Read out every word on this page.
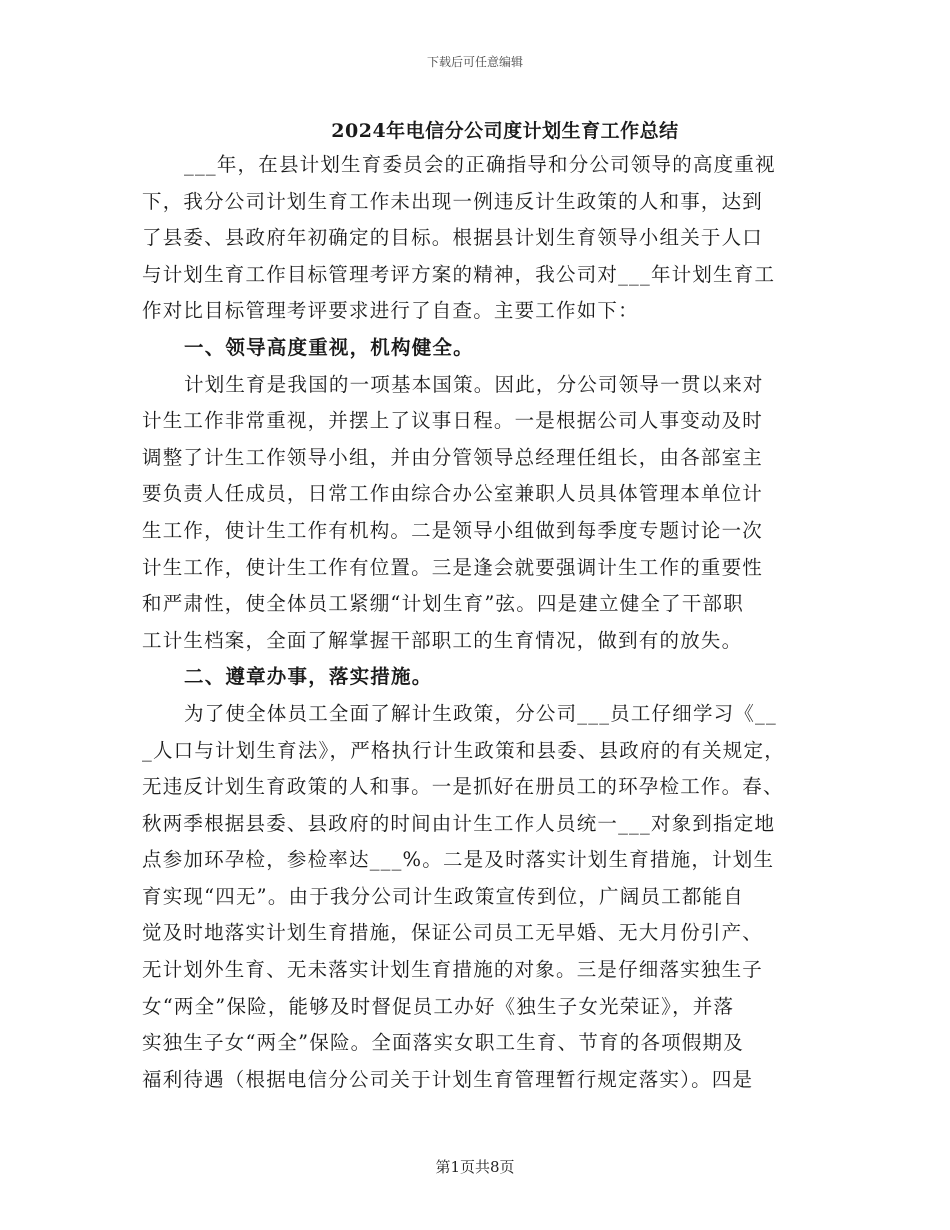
下载后可任意编辑
2024年电信分公司度计划生育工作总结
___年，在县计划生育委员会的正确指导和分公司领导的高度重视
下，我分公司计划生育工作未出现一例违反计生政策的人和事，达到
了县委、县政府年初确定的目标。根据县计划生育领导小组关于人口
与计划生育工作目标管理考评方案的精神，我公司对___年计划生育工
作对比目标管理考评要求进行了自查。主要工作如下：
一、领导高度重视，机构健全。
计划生育是我国的一项基本国策。因此，分公司领导一贯以来对
计生工作非常重视，并摆上了议事日程。一是根据公司人事变动及时
调整了计生工作领导小组，并由分管领导总经理任组长，由各部室主
要负责人任成员，日常工作由综合办公室兼职人员具体管理本单位计
生工作，使计生工作有机构。二是领导小组做到每季度专题讨论一次
计生工作，使计生工作有位置。三是逢会就要强调计生工作的重要性
和严肃性，使全体员工紧绷“计划生育”弦。四是建立健全了干部职
工计生档案，全面了解掌握干部职工的生育情况，做到有的放失。
二、遵章办事，落实措施。
为了使全体员工全面了解计生政策，分公司___员工仔细学习《__
_人口与计划生育法》，严格执行计生政策和县委、县政府的有关规定，
无违反计划生育政策的人和事。一是抓好在册员工的环孕检工作。春、
秋两季根据县委、县政府的时间由计生工作人员统一___对象到指定地
点参加环孕检，参检率达___%。二是及时落实计划生育措施，计划生
育实现“四无”。由于我分公司计生政策宣传到位，广阔员工都能自
觉及时地落实计划生育措施，保证公司员工无早婚、无大月份引产、
无计划外生育、无未落实计划生育措施的对象。三是仔细落实独生子
女“两全”保险，能够及时督促员工办好《独生子女光荣证》，并落
实独生子女“两全”保险。全面落实女职工生育、节育的各项假期及
福利待遇（根据电信分公司关于计划生育管理暂行规定落实）。四是
第1页共8页
